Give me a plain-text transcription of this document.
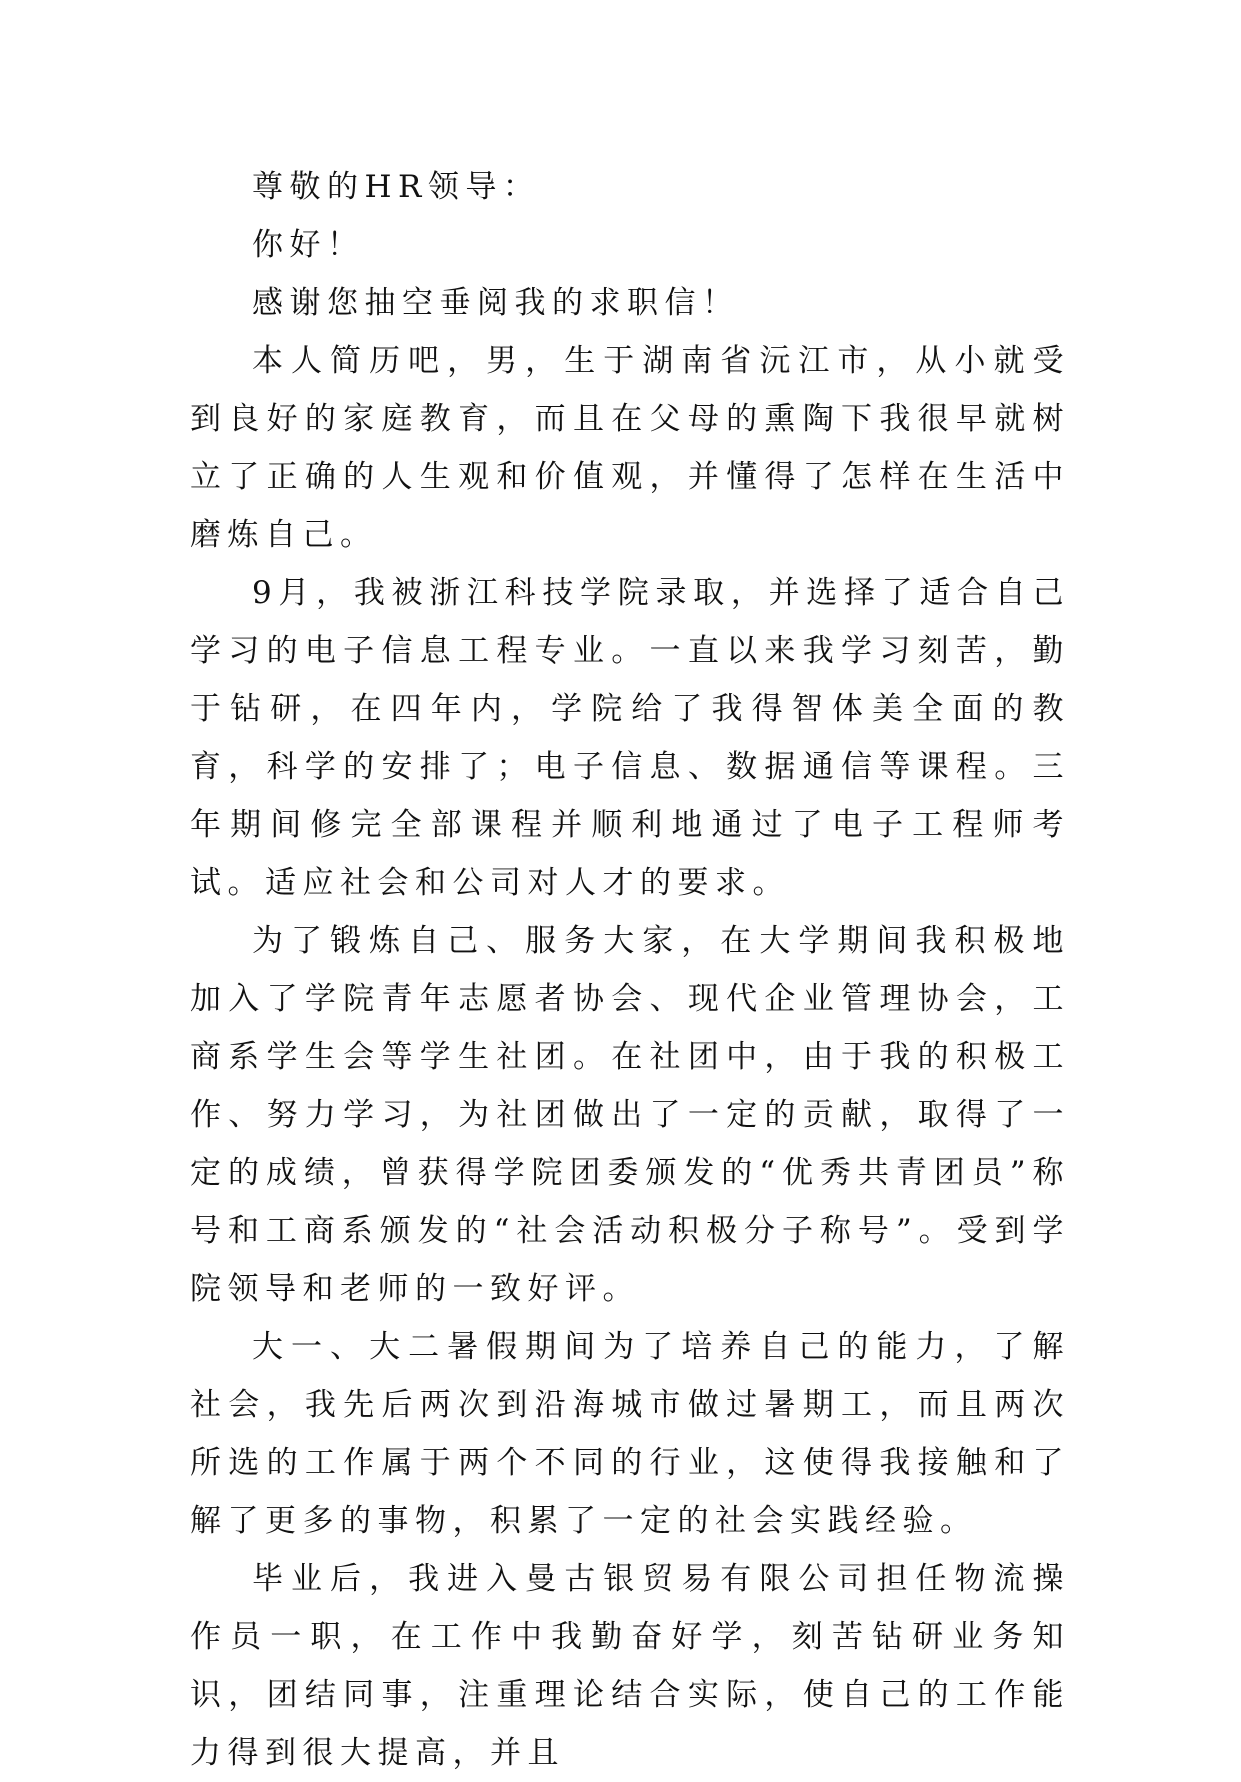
尊敬的HR领导：

你好！

感谢您抽空垂阅我的求职信！

本人简历吧，男，生于湖南省沅江市，从小就受到良好的家庭教育，而且在父母的熏陶下我很早就树立了正确的人生观和价值观，并懂得了怎样在生活中磨炼自己。

9月，我被浙江科技学院录取，并选择了适合自己学习的电子信息工程专业。一直以来我学习刻苦，勤于钻研，在四年内，学院给了我得智体美全面的教育，科学的安排了；电子信息、数据通信等课程。三年期间修完全部课程并顺利地通过了电子工程师考试。适应社会和公司对人才的要求。

为了锻炼自己、服务大家，在大学期间我积极地加入了学院青年志愿者协会、现代企业管理协会，工商系学生会等学生社团。在社团中，由于我的积极工作、努力学习，为社团做出了一定的贡献，取得了一定的成绩，曾获得学院团委颁发的“优秀共青团员”称号和工商系颁发的“社会活动积极分子称号”。受到学院领导和老师的一致好评。

大一、大二暑假期间为了培养自己的能力，了解社会，我先后两次到沿海城市做过暑期工，而且两次所选的工作属于两个不同的行业，这使得我接触和了解了更多的事物，积累了一定的社会实践经验。

毕业后，我进入曼古银贸易有限公司担任物流操作员一职，在工作中我勤奋好学，刻苦钻研业务知识，团结同事，注重理论结合实际，使自己的工作能力得到很大提高，并且
